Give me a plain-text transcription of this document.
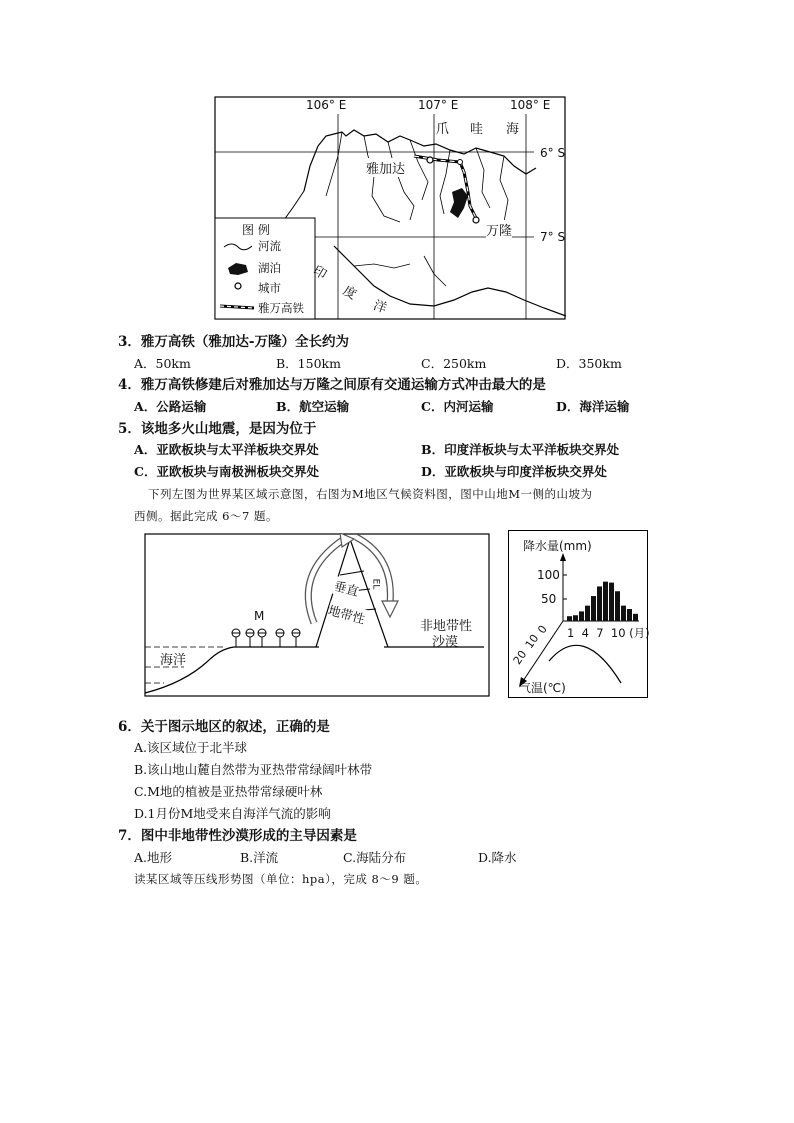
106° E	107° E	108° E
6° S
7° S
爪 哇 海
印
度
洋
雅加达
万隆
图 例
河流
湖泊
城市
雅万高铁
3．雅万高铁（雅加达-万隆）全长约为
A．50km	B．150km	C．250km	D．350km
4．雅万高铁修建后对雅加达与万隆之间原有交通运输方式冲击最大的是
A．公路运输	B．航空运输	C．内河运输	D．海洋运输
5．该地多火山地震，是因为位于
A．亚欧板块与太平洋板块交界处	B．印度洋板块与太平洋板块交界处
C．亚欧板块与南极洲板块交界处	D．亚欧板块与印度洋板块交界处
下列左图为世界某区域示意图，右图为M地区气候资料图，图中山地M一侧的山坡为
西侧。据此完成 6～7 题。
海洋
M
垂直
地带性	非地带性
沙漠
EL
降水量(mm)
100
50
1  4  7  10 (月)
0
10
20
气温(℃)
6．关于图示地区的叙述，正确的是
A.该区域位于北半球
B.该山地山麓自然带为亚热带常绿阔叶林带
C.M地的植被是亚热带常绿硬叶林
D.1月份M地受来自海洋气流的影响
7．图中非地带性沙漠形成的主导因素是
A.地形	B.洋流	C.海陆分布	D.降水
读某区域等压线形势图（单位：hpa），完成 8～9 题。
